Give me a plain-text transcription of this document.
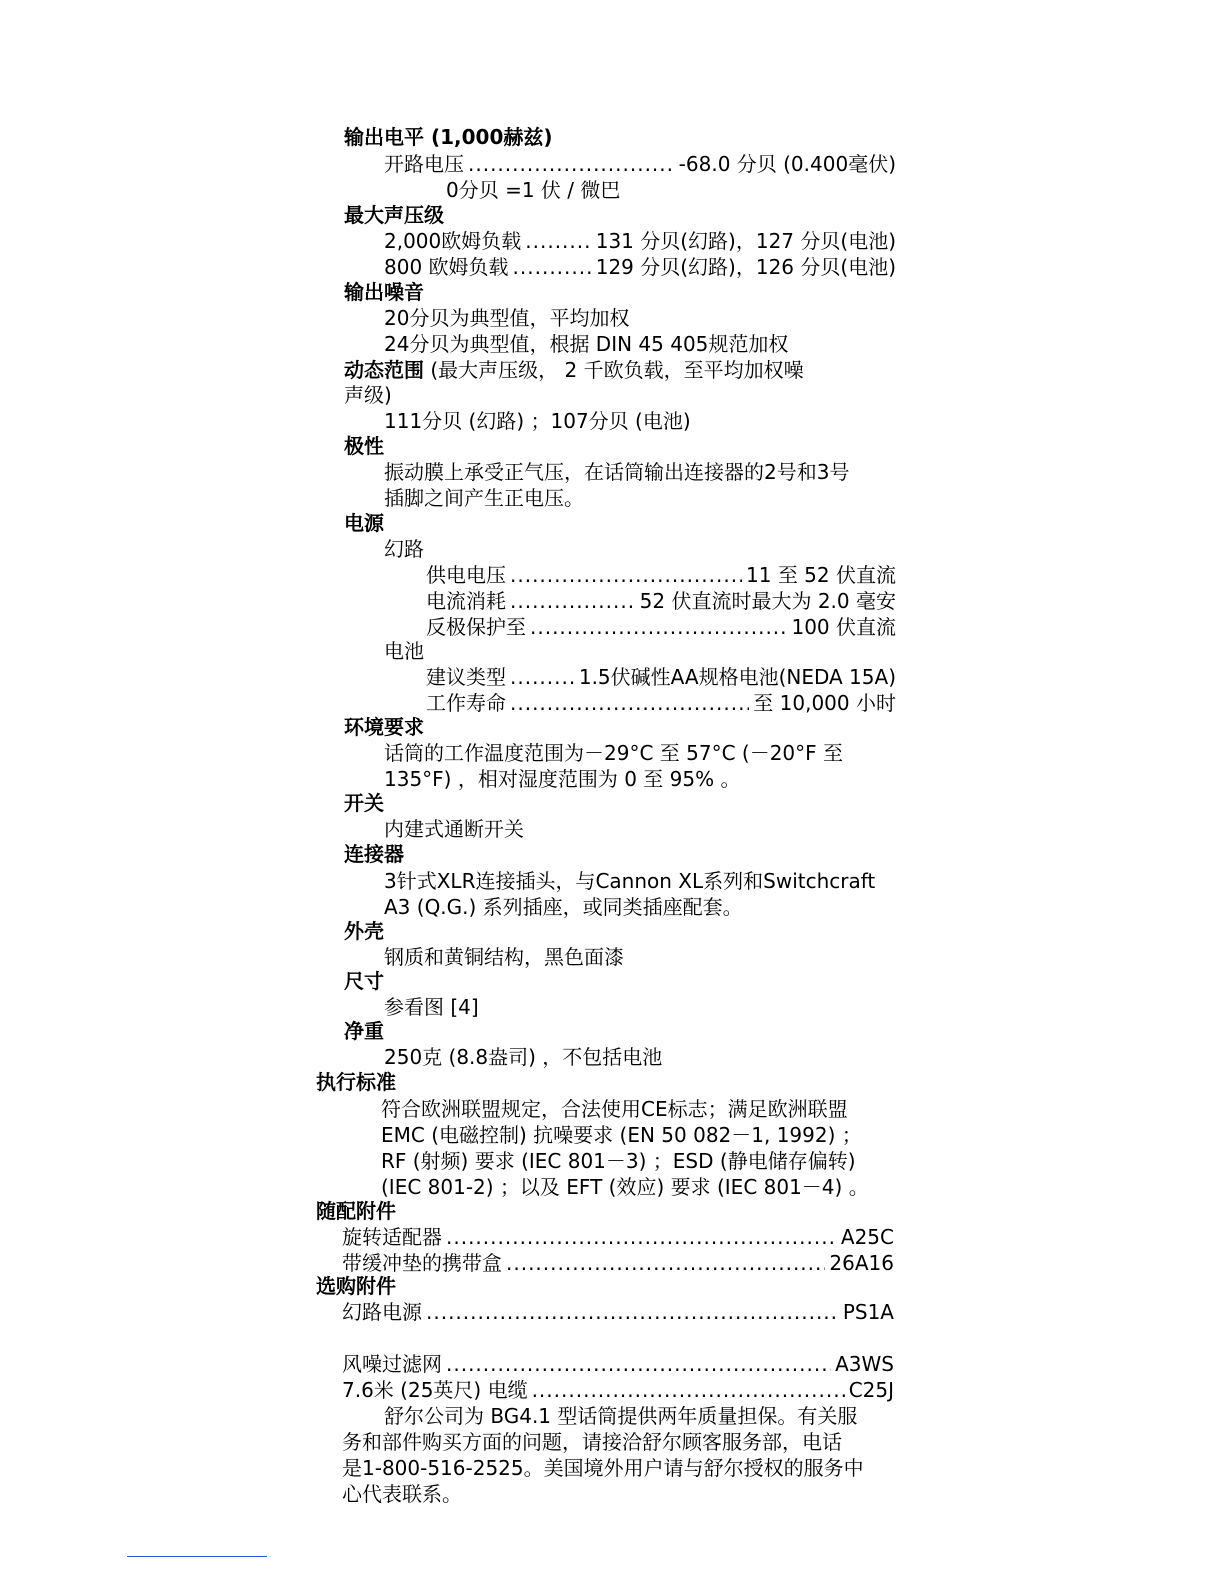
输出电平 (1,000赫兹)
开路电压 .....	-68.0 分贝 (0.400毫伏)
0分贝 =1 伏 / 微巴
最大声压级
2,000欧姆负载 .....	131 分贝(幻路)，127 分贝(电池)
800 欧姆负载 .....	129 分贝(幻路)，126 分贝(电池)
输出噪音
20分贝为典型值，平均加权
24分贝为典型值，根据 DIN 45 405规范加权
动态范围 (最大声压级， 2 千欧负载，至平均加权噪
声级)
111分贝 (幻路) ；107分贝 (电池)
极性
振动膜上承受正气压，在话筒输出连接器的2号和3号
插脚之间产生正电压。
电源
幻路
供电电压 .....	11 至 52 伏直流
电流消耗 .....	52 伏直流时最大为 2.0 毫安
反极保护至 .....	100 伏直流
电池
建议类型 .....	1.5伏碱性AA规格电池(NEDA 15A)
工作寿命 .....	至 10,000 小时
环境要求
话筒的工作温度范围为－29°C 至 57°C (－20°F 至
135°F) ，相对湿度范围为 0 至 95% 。
开关
内建式通断开关
连接器
3针式XLR连接插头，与Cannon XL系列和Switchcraft
A3 (Q.G.) 系列插座，或同类插座配套。
外壳
钢质和黄铜结构，黑色面漆
尺寸
参看图 [4]
净重
250克 (8.8盎司) ，不包括电池
执行标准
符合欧洲联盟规定，合法使用CE标志；满足欧洲联盟
EMC (电磁控制) 抗噪要求 (EN 50 082－1, 1992) ；
RF (射频) 要求 (IEC 801－3) ；ESD (静电储存偏转)
(IEC 801-2) ；以及 EFT (效应) 要求 (IEC 801－4) 。
随配附件
旋转适配器 .....	A25C
带缓冲垫的携带盒 .....	26A16
选购附件
幻路电源 .....	PS1A
风噪过滤网 .....	A3WS
7.6米 (25英尺) 电缆 .....	C25J
舒尔公司为 BG4.1 型话筒提供两年质量担保。有关服
务和部件购买方面的问题，请接洽舒尔顾客服务部，电话
是1-800-516-2525。美国境外用户请与舒尔授权的服务中
心代表联系。
